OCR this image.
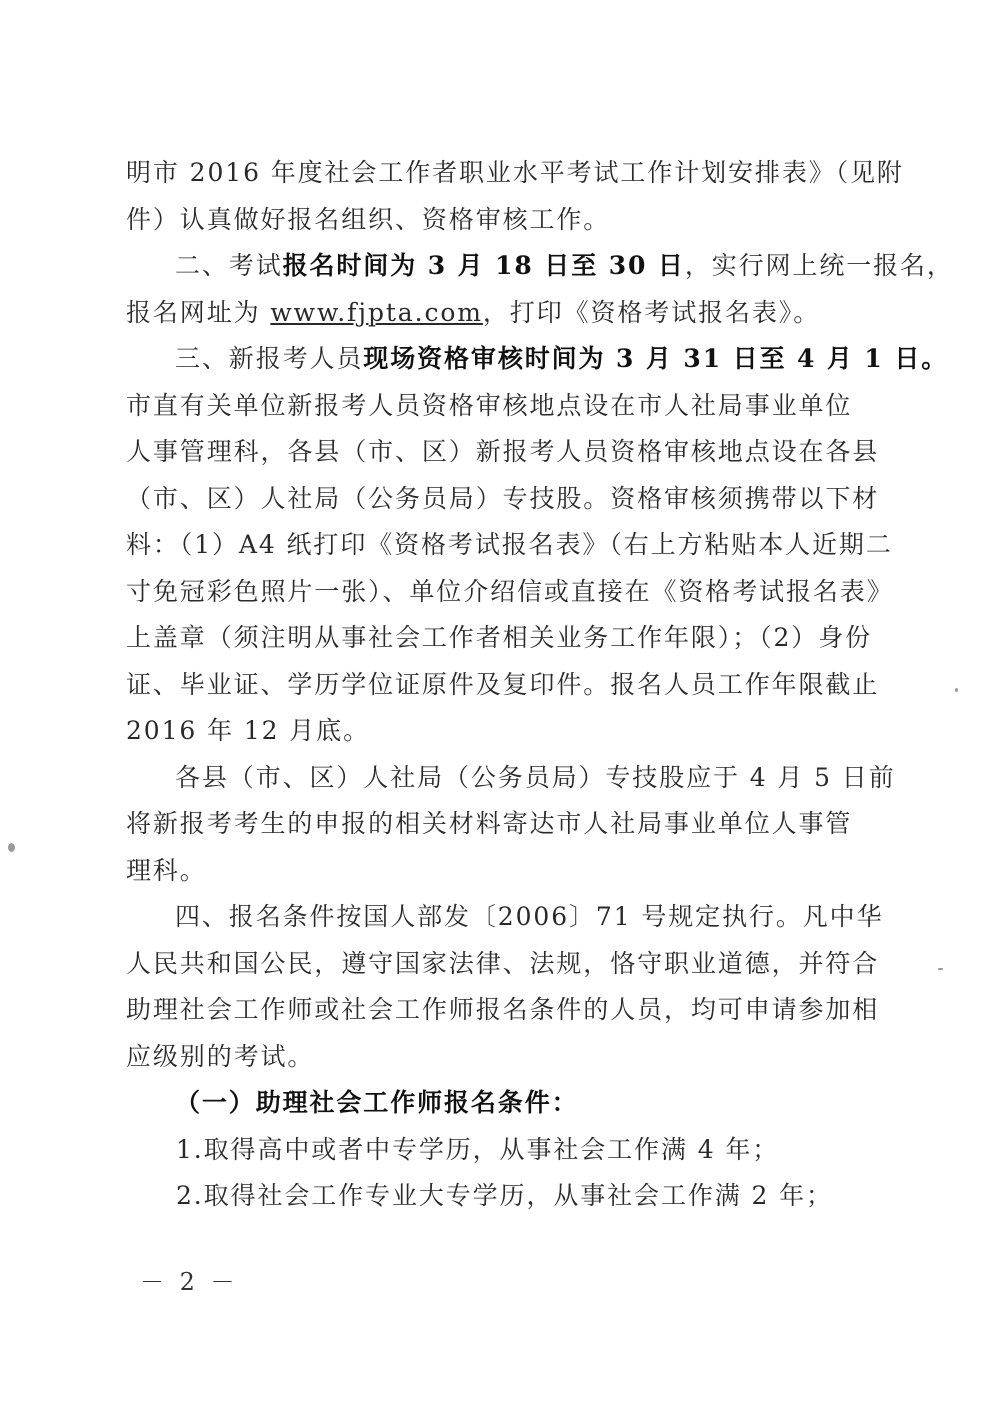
明市 2016 年度社会工作者职业水平考试工作计划安排表》（见附

件）认真做好报名组织、资格审核工作。

二、考试报名时间为 3 月 18 日至 30 日，实行网上统一报名，

报名网址为 www.fjpta.com，打印《资格考试报名表》。

三、新报考人员现场资格审核时间为 3 月 31 日至 4 月 1 日。

市直有关单位新报考人员资格审核地点设在市人社局事业单位

人事管理科，各县（市、区）新报考人员资格审核地点设在各县

（市、区）人社局（公务员局）专技股。资格审核须携带以下材

料：（1）A4 纸打印《资格考试报名表》（右上方粘贴本人近期二

寸免冠彩色照片一张）、单位介绍信或直接在《资格考试报名表》

上盖章（须注明从事社会工作者相关业务工作年限）；（2）身份

证、毕业证、学历学位证原件及复印件。报名人员工作年限截止

2016 年 12 月底。

各县（市、区）人社局（公务员局）专技股应于 4 月 5 日前

将新报考考生的申报的相关材料寄达市人社局事业单位人事管

理科。

四、报名条件按国人部发〔2006〕71 号规定执行。凡中华

人民共和国公民，遵守国家法律、法规，恪守职业道德，并符合

助理社会工作师或社会工作师报名条件的人员，均可申请参加相

应级别的考试。

（一）助理社会工作师报名条件：

1.取得高中或者中专学历，从事社会工作满 4 年；

2.取得社会工作专业大专学历，从事社会工作满 2 年；

－ 2 －
